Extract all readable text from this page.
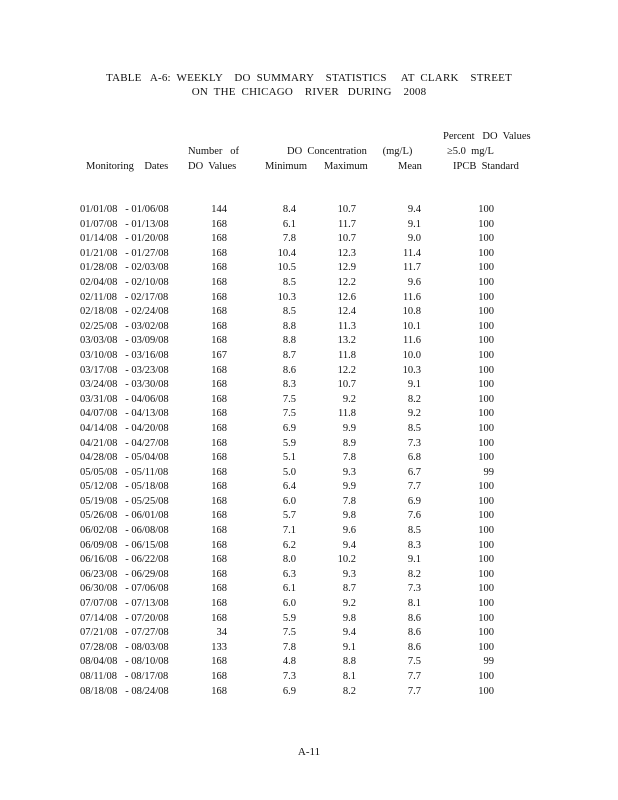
TABLE   A-6:  WEEKLY    DO  SUMMARY    STATISTICS     AT  CLARK    STREET
ON  THE  CHICAGO    RIVER   DURING    2008
Percent   DO  Values
≥5.0  mg/L
Number   of	DO  Concentration      (mg/L)
Monitoring    Dates DO  Values	Minimum Maximum	Mean	IPCB  Standard
01/01/08   - 01/06/08	144	8.4	10.7	9.4	100
01/07/08   - 01/13/08	168	6.1	11.7	9.1	100
01/14/08   - 01/20/08	168	7.8	10.7	9.0	100
01/21/08   - 01/27/08	168	10.4	12.3	11.4	100
01/28/08   - 02/03/08	168	10.5	12.9	11.7	100
02/04/08   - 02/10/08	168	8.5	12.2	9.6	100
02/11/08   - 02/17/08	168	10.3	12.6	11.6	100
02/18/08   - 02/24/08	168	8.5	12.4	10.8	100
02/25/08   - 03/02/08	168	8.8	11.3	10.1	100
03/03/08   - 03/09/08	168	8.8	13.2	11.6	100
03/10/08   - 03/16/08	167	8.7	11.8	10.0	100
03/17/08   - 03/23/08	168	8.6	12.2	10.3	100
03/24/08   - 03/30/08	168	8.3	10.7	9.1	100
03/31/08   - 04/06/08	168	7.5	9.2	8.2	100
04/07/08   - 04/13/08	168	7.5	11.8	9.2	100
04/14/08   - 04/20/08	168	6.9	9.9	8.5	100
04/21/08   - 04/27/08	168	5.9	8.9	7.3	100
04/28/08   - 05/04/08	168	5.1	7.8	6.8	100
05/05/08   - 05/11/08	168	5.0	9.3	6.7	99
05/12/08   - 05/18/08	168	6.4	9.9	7.7	100
05/19/08   - 05/25/08	168	6.0	7.8	6.9	100
05/26/08   - 06/01/08	168	5.7	9.8	7.6	100
06/02/08   - 06/08/08	168	7.1	9.6	8.5	100
06/09/08   - 06/15/08	168	6.2	9.4	8.3	100
06/16/08   - 06/22/08	168	8.0	10.2	9.1	100
06/23/08   - 06/29/08	168	6.3	9.3	8.2	100
06/30/08   - 07/06/08	168	6.1	8.7	7.3	100
07/07/08   - 07/13/08	168	6.0	9.2	8.1	100
07/14/08   - 07/20/08	168	5.9	9.8	8.6	100
07/21/08   - 07/27/08	34	7.5	9.4	8.6	100
07/28/08   - 08/03/08	133	7.8	9.1	8.6	100
08/04/08   - 08/10/08	168	4.8	8.8	7.5	99
08/11/08   - 08/17/08	168	7.3	8.1	7.7	100
08/18/08   - 08/24/08	168	6.9	8.2	7.7	100
A-11
